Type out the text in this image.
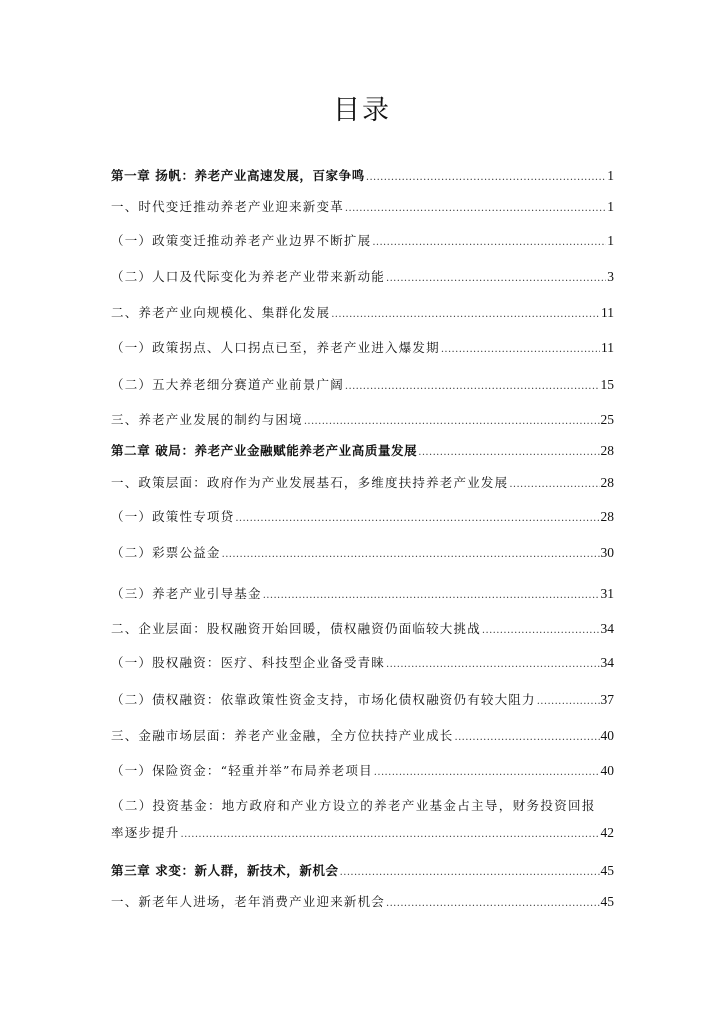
目录
第一章 扬帆：养老产业高速发展，百家争鸣 .....	1
一、时代变迁推动养老产业迎来新变革 .....	1
（一）政策变迁推动养老产业边界不断扩展 .....	1
（二）人口及代际变化为养老产业带来新动能 .....	3
二、养老产业向规模化、集群化发展 .....	11
（一）政策拐点、人口拐点已至，养老产业进入爆发期 .....	11
（二）五大养老细分赛道产业前景广阔 .....	15
三、养老产业发展的制约与困境 .....	25
第二章 破局：养老产业金融赋能养老产业高质量发展 .....	28
一、政策层面：政府作为产业发展基石，多维度扶持养老产业发展 .....	28
（一）政策性专项贷 .....	28
（二）彩票公益金 .....	30
（三）养老产业引导基金 .....	31
二、企业层面：股权融资开始回暖，债权融资仍面临较大挑战 .....	34
（一）股权融资：医疗、科技型企业备受青睐 .....	34
（二）债权融资：依靠政策性资金支持，市场化债权融资仍有较大阻力 .....	37
三、金融市场层面：养老产业金融，全方位扶持产业成长 .....	40
（一）保险资金：“轻重并举”布局养老项目 .....	40
（二）投资基金：地方政府和产业方设立的养老产业基金占主导，财务投资回报
率逐步提升 .....	42
第三章 求变：新人群，新技术，新机会 .....	45
一、新老年人进场，老年消费产业迎来新机会 .....	45
